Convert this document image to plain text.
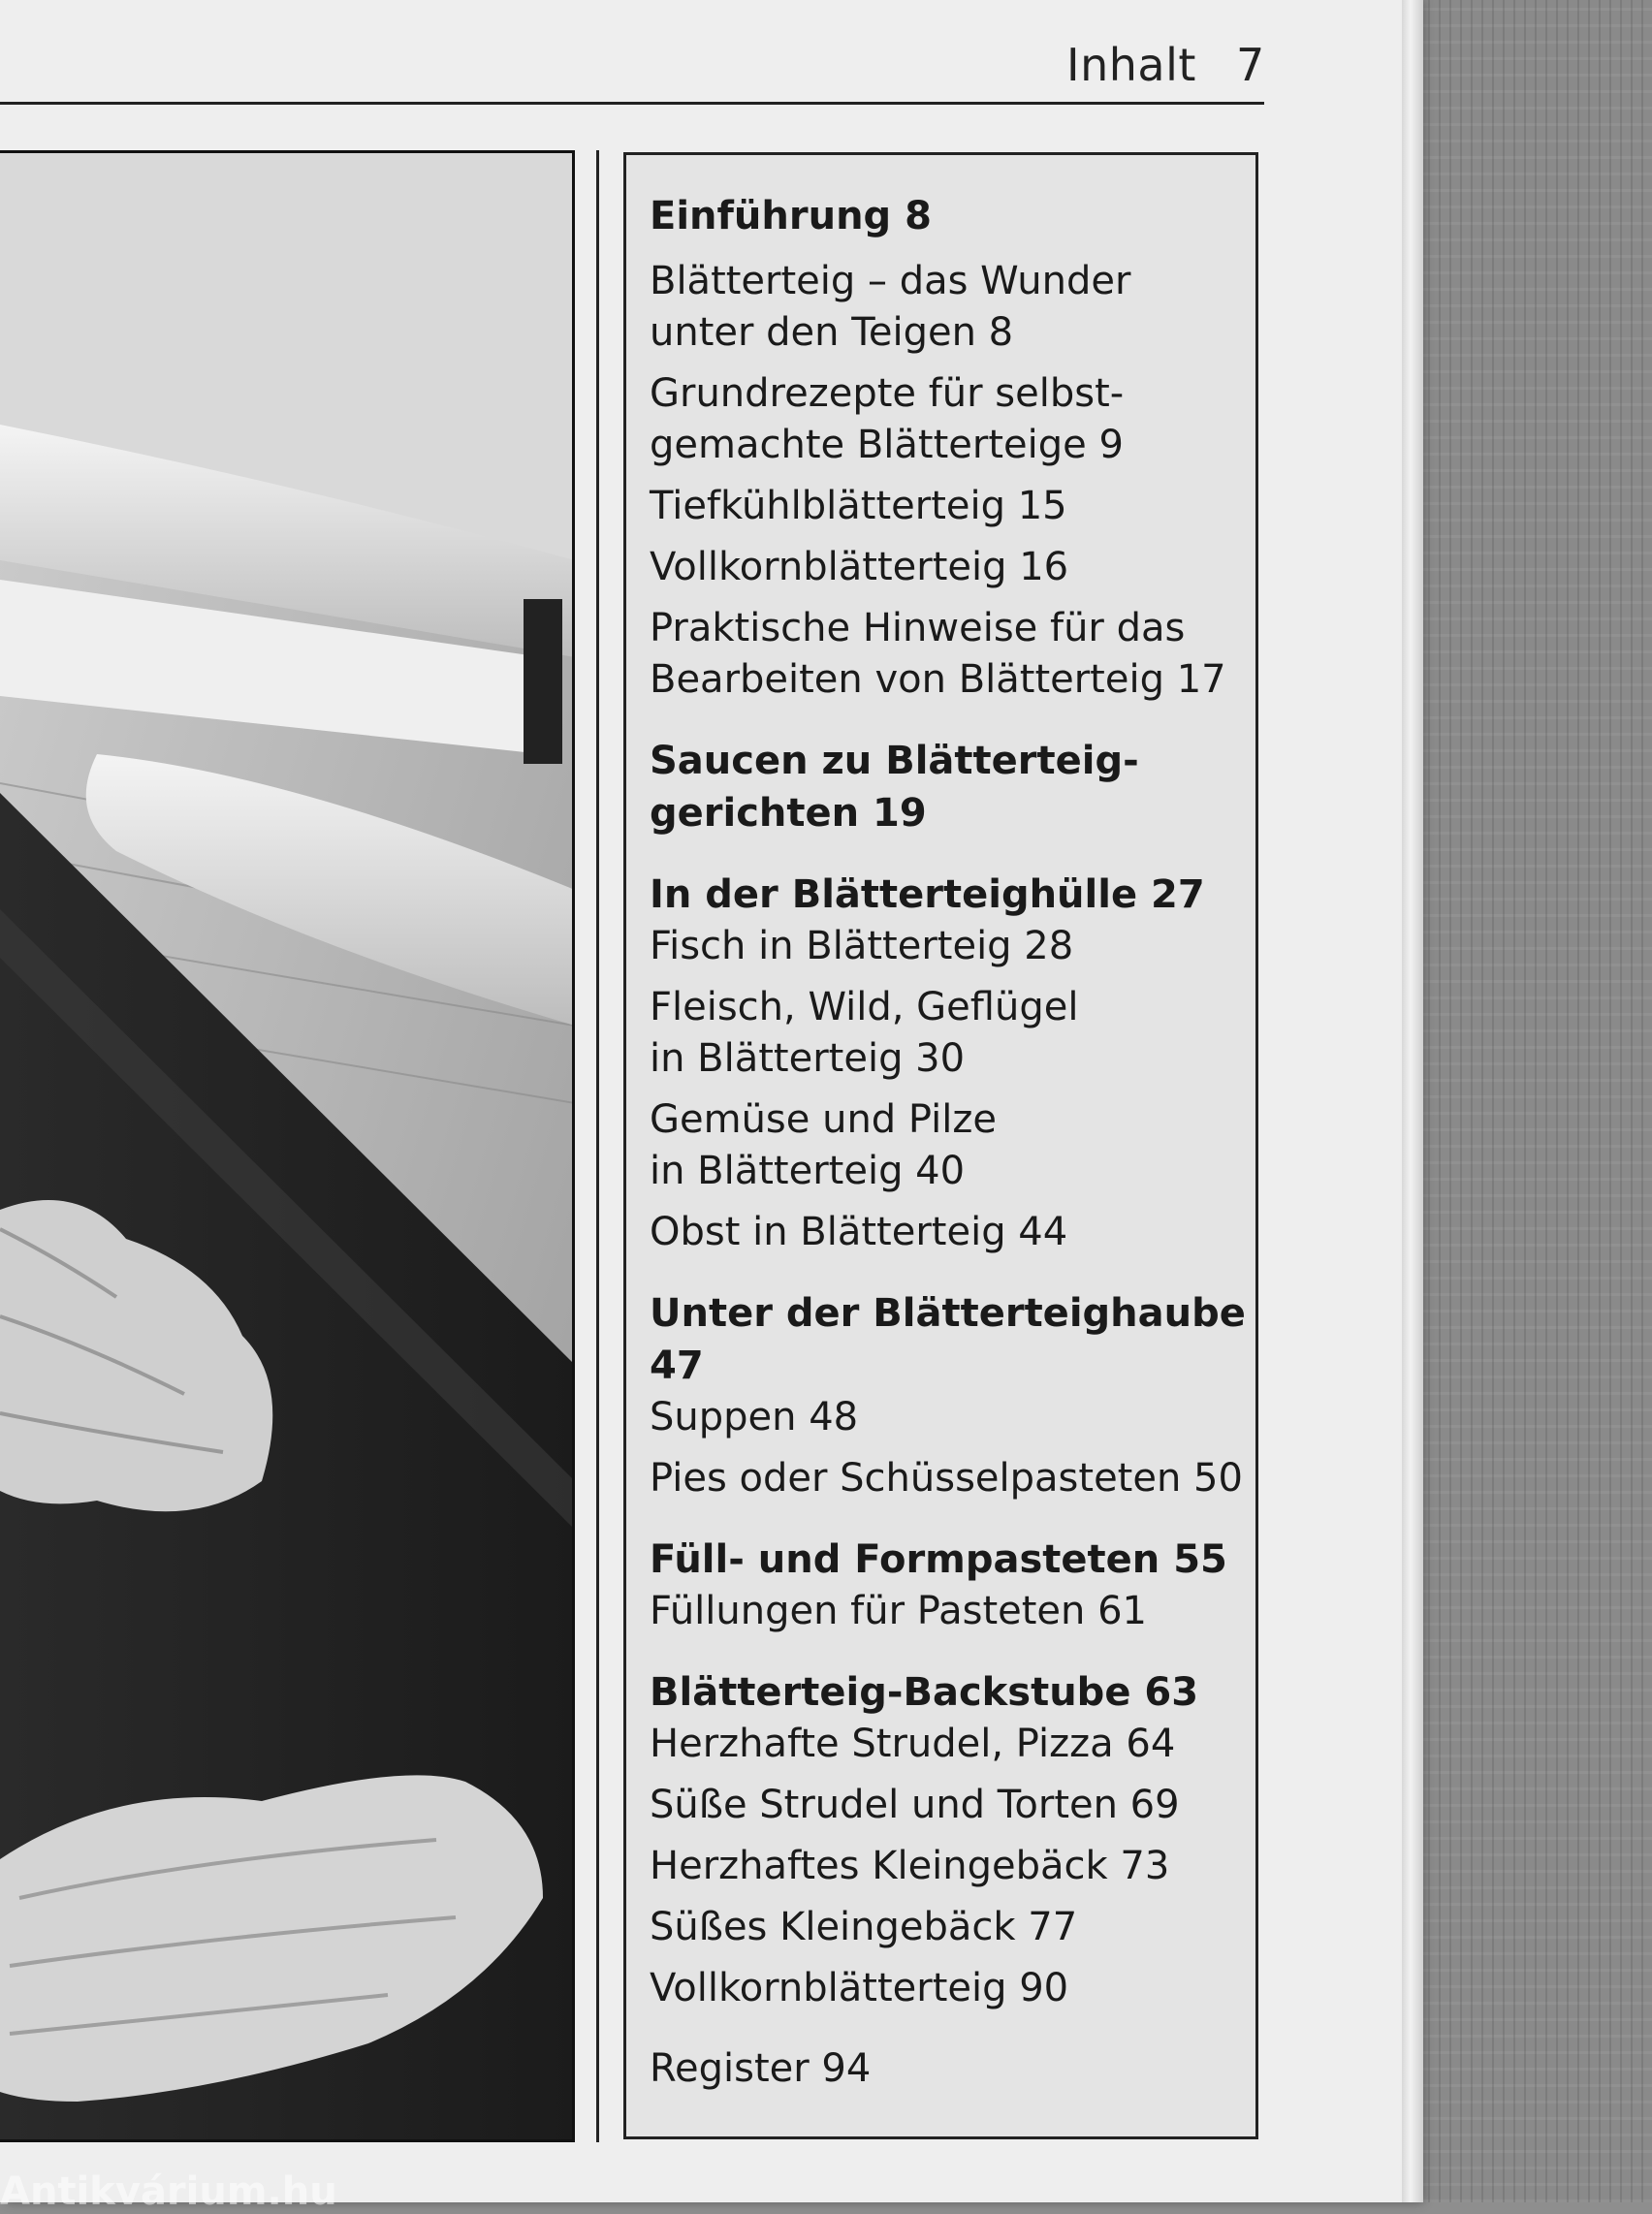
Inhalt 7

Einführung 8

Blätterteig – das Wunder
unter den Teigen 8

Grundrezepte für selbst-
gemachte Blätterteige 9

Tiefkühlblätterteig 15

Vollkornblätterteig 16

Praktische Hinweise für das
Bearbeiten von Blätterteig 17

Saucen zu Blätterteig-
gerichten 19

In der Blätterteighülle 27

Fisch in Blätterteig 28

Fleisch, Wild, Geflügel
in Blätterteig 30

Gemüse und Pilze
in Blätterteig 40

Obst in Blätterteig 44

Unter der Blätterteighaube 47

Suppen 48

Pies oder Schüsselpasteten 50

Füll- und Formpasteten 55

Füllungen für Pasteten 61

Blätterteig-Backstube 63

Herzhafte Strudel, Pizza 64

Süße Strudel und Torten 69

Herzhaftes Kleingebäck 73

Süßes Kleingebäck 77

Vollkornblätterteig 90

Register 94

Antikvárium.hu
